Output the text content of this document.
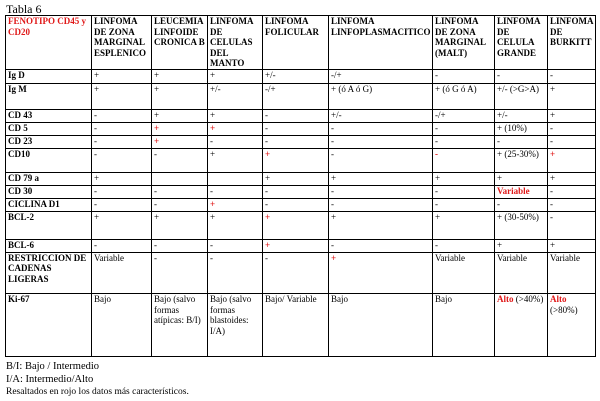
Tabla 6
FENOTIPO CD45 y CD20	LINFOMA DE ZONA MARGINAL ESPLENICO	LEUCEMIA LINFOIDE CRONICA B	LINFOMA DE CELULAS DEL MANTO	LINFOMA FOLICULAR	LINFOMA LINFOPLASMACITICO	LINFOMA DE ZONA MARGINAL (MALT)	LINFOMA DE CELULA GRANDE	LINFOMA DE BURKITT
Ig D	+	+	+	+/-	-/+	-	-	-
Ig M	+	+	+/-	-/+	+ (ó A ó G)	+ (ó G ó A)	+/- (>G>A)	+
CD 43	-	+	+	-	+/-	-/+	+/-	+
CD 5	-	+	+	-	-	-	+ (10%)	-
CD 23	-	+	-	-	-	-	-	-
CD10	-	-	+	+	-	-	+ (25-30%)	+
CD 79 a	+			+	+	+	+	+
CD 30	-	-	-	-	-	-	Variable	-
CICLINA D1	-	-	+	-	-	-	-	-
BCL-2	+	+	+	+	+	+	+ (30-50%)	-
BCL-6	-	-	-	+	-	-	+	+
RESTRICCION DE CADENAS LIGERAS	Variable	-	-	-	+	Variable	Variable	Variable
Ki-67	Bajo	Bajo (salvo formas atípicas: B/I)	Bajo (salvo formas blastoides: I/A)	Bajo/ Variable	Bajo	Bajo	Alto (>40%)	Alto (>80%)
B/I: Bajo / Intermedio
I/A: Intermedio/Alto
Resaltados en rojo los datos más característicos.
